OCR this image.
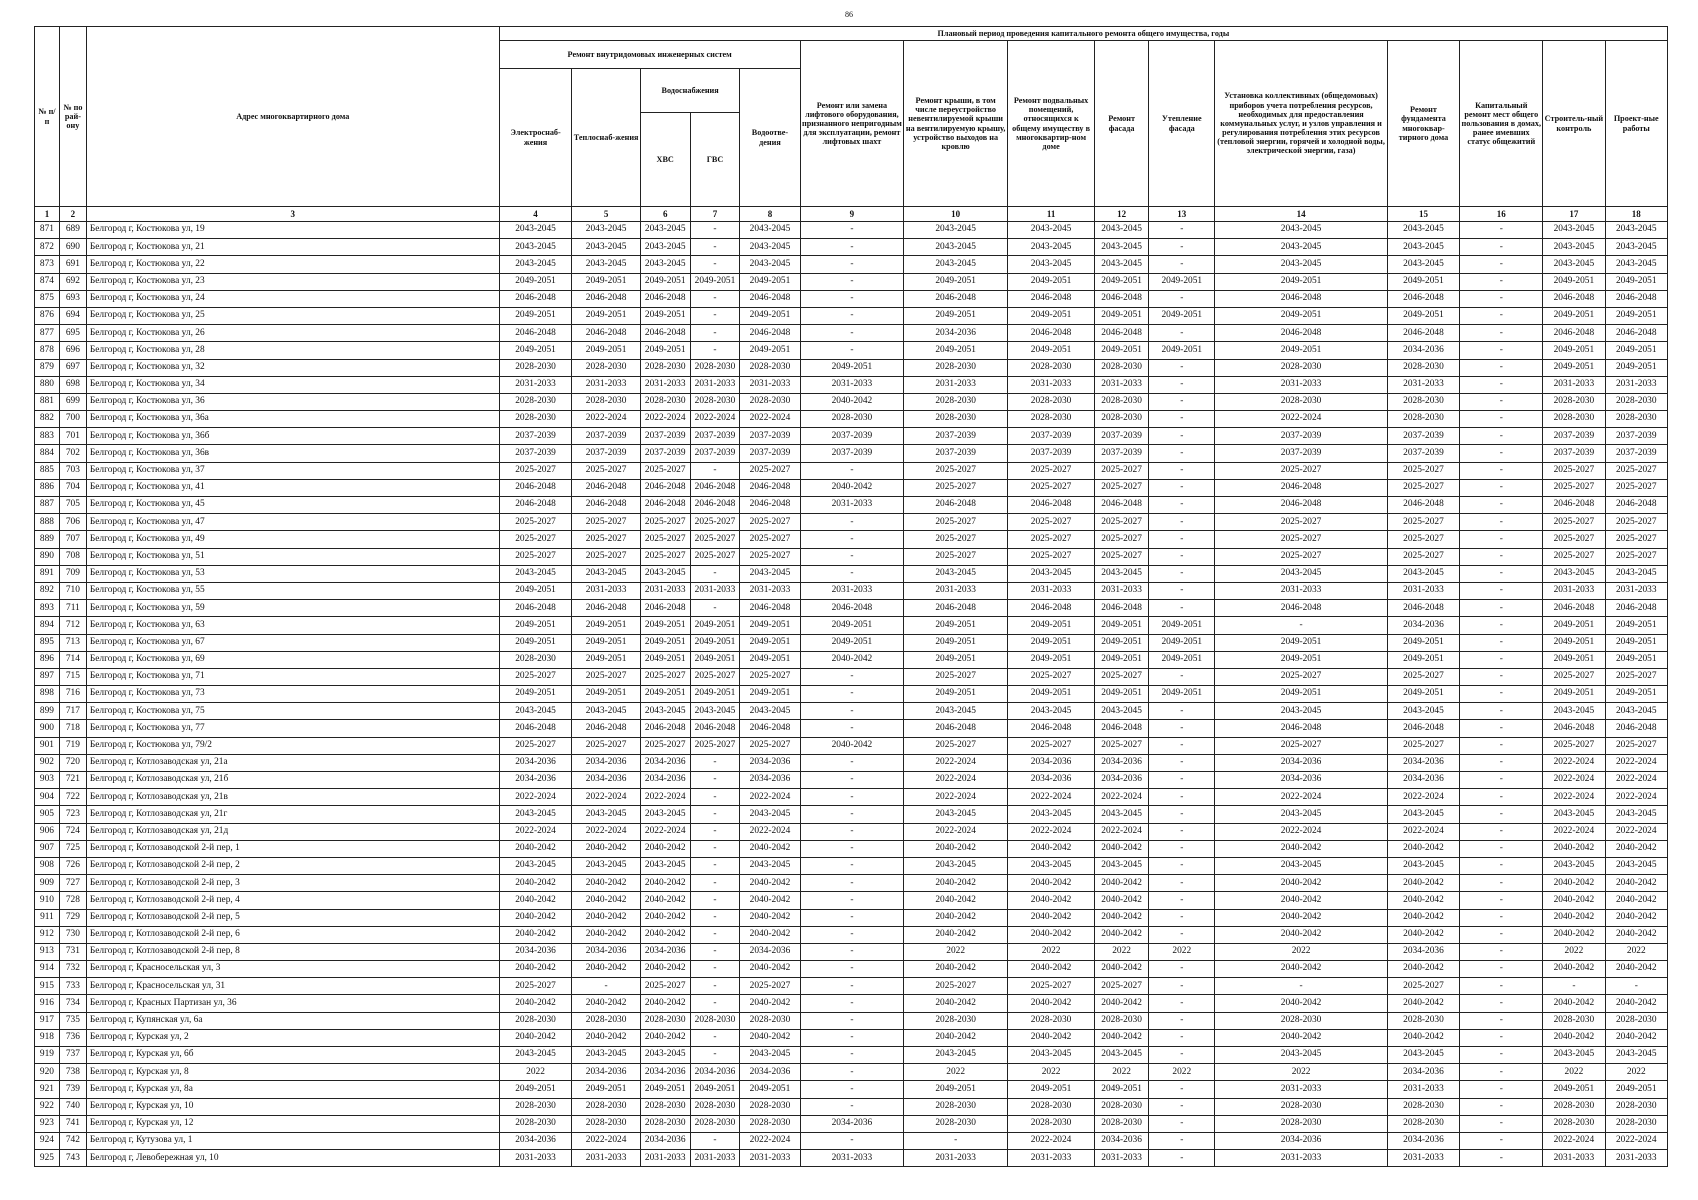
86
№ п/п	№ по рай-ону	Адрес многоквартирного дома	Плановый период проведения капитального ремонта общего имущества, годы														
			Ремонт внутридомовых инженерных систем					Ремонт или замена лифтового оборудования, признанного непригодным для эксплуатации, ремонт лифтовых шахт	Ремонт крыши, в том числе переустройство невентилируемой крыши на вентилируемую крышу, устройство выходов на кровлю	Ремонт подвальных помещений, относящихся к общему имуществу в многоквартир-ном доме	Ремонт фасада	Утепление фасада	Установка коллективных (общедомовых) приборов учета потребления ресурсов, необходимых для предоставления коммунальных услуг, и узлов управления и регулирования потребления этих ресурсов (тепловой энергии, горячей и холодной воды, электрической энергии, газа)	Ремонт фундамента многоквар-тирного дома	Капитальный ремонт мест общего пользования в домах, ранее имевших статус общежитий	Строитель-ный контроль	Проект-ные работы
			Электроснаб-жения	Теплоснаб-жения	Водоснабжения		Водоотве-дения										
					ХВС	ГВС											
1	2	3	4	5	6	7	8	9	10	11	12	13	14	15	16	17	18
871	689	Белгород г, Костюкова ул, 19	2043-2045	2043-2045	2043-2045	-	2043-2045	-	2043-2045	2043-2045	2043-2045	-	2043-2045	2043-2045	-	2043-2045	2043-2045
872	690	Белгород г, Костюкова ул, 21	2043-2045	2043-2045	2043-2045	-	2043-2045	-	2043-2045	2043-2045	2043-2045	-	2043-2045	2043-2045	-	2043-2045	2043-2045
873	691	Белгород г, Костюкова ул, 22	2043-2045	2043-2045	2043-2045	-	2043-2045	-	2043-2045	2043-2045	2043-2045	-	2043-2045	2043-2045	-	2043-2045	2043-2045
874	692	Белгород г, Костюкова ул, 23	2049-2051	2049-2051	2049-2051	2049-2051	2049-2051	-	2049-2051	2049-2051	2049-2051	2049-2051	2049-2051	2049-2051	-	2049-2051	2049-2051
875	693	Белгород г, Костюкова ул, 24	2046-2048	2046-2048	2046-2048	-	2046-2048	-	2046-2048	2046-2048	2046-2048	-	2046-2048	2046-2048	-	2046-2048	2046-2048
876	694	Белгород г, Костюкова ул, 25	2049-2051	2049-2051	2049-2051	-	2049-2051	-	2049-2051	2049-2051	2049-2051	2049-2051	2049-2051	2049-2051	-	2049-2051	2049-2051
877	695	Белгород г, Костюкова ул, 26	2046-2048	2046-2048	2046-2048	-	2046-2048	-	2034-2036	2046-2048	2046-2048	-	2046-2048	2046-2048	-	2046-2048	2046-2048
878	696	Белгород г, Костюкова ул, 28	2049-2051	2049-2051	2049-2051	-	2049-2051	-	2049-2051	2049-2051	2049-2051	2049-2051	2049-2051	2034-2036	-	2049-2051	2049-2051
879	697	Белгород г, Костюкова ул, 32	2028-2030	2028-2030	2028-2030	2028-2030	2028-2030	2049-2051	2028-2030	2028-2030	2028-2030	-	2028-2030	2028-2030	-	2049-2051	2049-2051
880	698	Белгород г, Костюкова ул, 34	2031-2033	2031-2033	2031-2033	2031-2033	2031-2033	2031-2033	2031-2033	2031-2033	2031-2033	-	2031-2033	2031-2033	-	2031-2033	2031-2033
881	699	Белгород г, Костюкова ул, 36	2028-2030	2028-2030	2028-2030	2028-2030	2028-2030	2040-2042	2028-2030	2028-2030	2028-2030	-	2028-2030	2028-2030	-	2028-2030	2028-2030
882	700	Белгород г, Костюкова ул, 36а	2028-2030	2022-2024	2022-2024	2022-2024	2022-2024	2028-2030	2028-2030	2028-2030	2028-2030	-	2022-2024	2028-2030	-	2028-2030	2028-2030
883	701	Белгород г, Костюкова ул, 36б	2037-2039	2037-2039	2037-2039	2037-2039	2037-2039	2037-2039	2037-2039	2037-2039	2037-2039	-	2037-2039	2037-2039	-	2037-2039	2037-2039
884	702	Белгород г, Костюкова ул, 36в	2037-2039	2037-2039	2037-2039	2037-2039	2037-2039	2037-2039	2037-2039	2037-2039	2037-2039	-	2037-2039	2037-2039	-	2037-2039	2037-2039
885	703	Белгород г, Костюкова ул, 37	2025-2027	2025-2027	2025-2027	-	2025-2027	-	2025-2027	2025-2027	2025-2027	-	2025-2027	2025-2027	-	2025-2027	2025-2027
886	704	Белгород г, Костюкова ул, 41	2046-2048	2046-2048	2046-2048	2046-2048	2046-2048	2040-2042	2025-2027	2025-2027	2025-2027	-	2046-2048	2025-2027	-	2025-2027	2025-2027
887	705	Белгород г, Костюкова ул, 45	2046-2048	2046-2048	2046-2048	2046-2048	2046-2048	2031-2033	2046-2048	2046-2048	2046-2048	-	2046-2048	2046-2048	-	2046-2048	2046-2048
888	706	Белгород г, Костюкова ул, 47	2025-2027	2025-2027	2025-2027	2025-2027	2025-2027	-	2025-2027	2025-2027	2025-2027	-	2025-2027	2025-2027	-	2025-2027	2025-2027
889	707	Белгород г, Костюкова ул, 49	2025-2027	2025-2027	2025-2027	2025-2027	2025-2027	-	2025-2027	2025-2027	2025-2027	-	2025-2027	2025-2027	-	2025-2027	2025-2027
890	708	Белгород г, Костюкова ул, 51	2025-2027	2025-2027	2025-2027	2025-2027	2025-2027	-	2025-2027	2025-2027	2025-2027	-	2025-2027	2025-2027	-	2025-2027	2025-2027
891	709	Белгород г, Костюкова ул, 53	2043-2045	2043-2045	2043-2045	-	2043-2045	-	2043-2045	2043-2045	2043-2045	-	2043-2045	2043-2045	-	2043-2045	2043-2045
892	710	Белгород г, Костюкова ул, 55	2049-2051	2031-2033	2031-2033	2031-2033	2031-2033	2031-2033	2031-2033	2031-2033	2031-2033	-	2031-2033	2031-2033	-	2031-2033	2031-2033
893	711	Белгород г, Костюкова ул, 59	2046-2048	2046-2048	2046-2048	-	2046-2048	2046-2048	2046-2048	2046-2048	2046-2048	-	2046-2048	2046-2048	-	2046-2048	2046-2048
894	712	Белгород г, Костюкова ул, 63	2049-2051	2049-2051	2049-2051	2049-2051	2049-2051	2049-2051	2049-2051	2049-2051	2049-2051	2049-2051	-	2034-2036	-	2049-2051	2049-2051
895	713	Белгород г, Костюкова ул, 67	2049-2051	2049-2051	2049-2051	2049-2051	2049-2051	2049-2051	2049-2051	2049-2051	2049-2051	2049-2051	2049-2051	2049-2051	-	2049-2051	2049-2051
896	714	Белгород г, Костюкова ул, 69	2028-2030	2049-2051	2049-2051	2049-2051	2049-2051	2040-2042	2049-2051	2049-2051	2049-2051	2049-2051	2049-2051	2049-2051	-	2049-2051	2049-2051
897	715	Белгород г, Костюкова ул, 71	2025-2027	2025-2027	2025-2027	2025-2027	2025-2027	-	2025-2027	2025-2027	2025-2027	-	2025-2027	2025-2027	-	2025-2027	2025-2027
898	716	Белгород г, Костюкова ул, 73	2049-2051	2049-2051	2049-2051	2049-2051	2049-2051	-	2049-2051	2049-2051	2049-2051	2049-2051	2049-2051	2049-2051	-	2049-2051	2049-2051
899	717	Белгород г, Костюкова ул, 75	2043-2045	2043-2045	2043-2045	2043-2045	2043-2045	-	2043-2045	2043-2045	2043-2045	-	2043-2045	2043-2045	-	2043-2045	2043-2045
900	718	Белгород г, Костюкова ул, 77	2046-2048	2046-2048	2046-2048	2046-2048	2046-2048	-	2046-2048	2046-2048	2046-2048	-	2046-2048	2046-2048	-	2046-2048	2046-2048
901	719	Белгород г, Костюкова ул, 79/2	2025-2027	2025-2027	2025-2027	2025-2027	2025-2027	2040-2042	2025-2027	2025-2027	2025-2027	-	2025-2027	2025-2027	-	2025-2027	2025-2027
902	720	Белгород г, Котлозаводская ул, 21а	2034-2036	2034-2036	2034-2036	-	2034-2036	-	2022-2024	2034-2036	2034-2036	-	2034-2036	2034-2036	-	2022-2024	2022-2024
903	721	Белгород г, Котлозаводская ул, 21б	2034-2036	2034-2036	2034-2036	-	2034-2036	-	2022-2024	2034-2036	2034-2036	-	2034-2036	2034-2036	-	2022-2024	2022-2024
904	722	Белгород г, Котлозаводская ул, 21в	2022-2024	2022-2024	2022-2024	-	2022-2024	-	2022-2024	2022-2024	2022-2024	-	2022-2024	2022-2024	-	2022-2024	2022-2024
905	723	Белгород г, Котлозаводская ул, 21г	2043-2045	2043-2045	2043-2045	-	2043-2045	-	2043-2045	2043-2045	2043-2045	-	2043-2045	2043-2045	-	2043-2045	2043-2045
906	724	Белгород г, Котлозаводская ул, 21д	2022-2024	2022-2024	2022-2024	-	2022-2024	-	2022-2024	2022-2024	2022-2024	-	2022-2024	2022-2024	-	2022-2024	2022-2024
907	725	Белгород г, Котлозаводской 2-й пер, 1	2040-2042	2040-2042	2040-2042	-	2040-2042	-	2040-2042	2040-2042	2040-2042	-	2040-2042	2040-2042	-	2040-2042	2040-2042
908	726	Белгород г, Котлозаводской 2-й пер, 2	2043-2045	2043-2045	2043-2045	-	2043-2045	-	2043-2045	2043-2045	2043-2045	-	2043-2045	2043-2045	-	2043-2045	2043-2045
909	727	Белгород г, Котлозаводской 2-й пер, 3	2040-2042	2040-2042	2040-2042	-	2040-2042	-	2040-2042	2040-2042	2040-2042	-	2040-2042	2040-2042	-	2040-2042	2040-2042
910	728	Белгород г, Котлозаводской 2-й пер, 4	2040-2042	2040-2042	2040-2042	-	2040-2042	-	2040-2042	2040-2042	2040-2042	-	2040-2042	2040-2042	-	2040-2042	2040-2042
911	729	Белгород г, Котлозаводской 2-й пер, 5	2040-2042	2040-2042	2040-2042	-	2040-2042	-	2040-2042	2040-2042	2040-2042	-	2040-2042	2040-2042	-	2040-2042	2040-2042
912	730	Белгород г, Котлозаводской 2-й пер, 6	2040-2042	2040-2042	2040-2042	-	2040-2042	-	2040-2042	2040-2042	2040-2042	-	2040-2042	2040-2042	-	2040-2042	2040-2042
913	731	Белгород г, Котлозаводской 2-й пер, 8	2034-2036	2034-2036	2034-2036	-	2034-2036	-	2022	2022	2022	2022	2022	2034-2036	-	2022	2022
914	732	Белгород г, Красносельская ул, 3	2040-2042	2040-2042	2040-2042	-	2040-2042	-	2040-2042	2040-2042	2040-2042	-	2040-2042	2040-2042	-	2040-2042	2040-2042
915	733	Белгород г, Красносельская ул, 31	2025-2027	-	2025-2027	-	2025-2027	-	2025-2027	2025-2027	2025-2027	-	-	2025-2027	-	-	-
916	734	Белгород г, Красных Партизан ул, 36	2040-2042	2040-2042	2040-2042	-	2040-2042	-	2040-2042	2040-2042	2040-2042	-	2040-2042	2040-2042	-	2040-2042	2040-2042
917	735	Белгород г, Купянская ул, 6а	2028-2030	2028-2030	2028-2030	2028-2030	2028-2030	-	2028-2030	2028-2030	2028-2030	-	2028-2030	2028-2030	-	2028-2030	2028-2030
918	736	Белгород г, Курская ул, 2	2040-2042	2040-2042	2040-2042	-	2040-2042	-	2040-2042	2040-2042	2040-2042	-	2040-2042	2040-2042	-	2040-2042	2040-2042
919	737	Белгород г, Курская ул, 6б	2043-2045	2043-2045	2043-2045	-	2043-2045	-	2043-2045	2043-2045	2043-2045	-	2043-2045	2043-2045	-	2043-2045	2043-2045
920	738	Белгород г, Курская ул, 8	2022	2034-2036	2034-2036	2034-2036	2034-2036	-	2022	2022	2022	2022	2022	2034-2036	-	2022	2022
921	739	Белгород г, Курская ул, 8а	2049-2051	2049-2051	2049-2051	2049-2051	2049-2051	-	2049-2051	2049-2051	2049-2051	-	2031-2033	2031-2033	-	2049-2051	2049-2051
922	740	Белгород г, Курская ул, 10	2028-2030	2028-2030	2028-2030	2028-2030	2028-2030	-	2028-2030	2028-2030	2028-2030	-	2028-2030	2028-2030	-	2028-2030	2028-2030
923	741	Белгород г, Курская ул, 12	2028-2030	2028-2030	2028-2030	2028-2030	2028-2030	2034-2036	2028-2030	2028-2030	2028-2030	-	2028-2030	2028-2030	-	2028-2030	2028-2030
924	742	Белгород г, Кутузова ул, 1	2034-2036	2022-2024	2034-2036	-	2022-2024	-	-	2022-2024	2034-2036	-	2034-2036	2034-2036	-	2022-2024	2022-2024
925	743	Белгород г, Левобережная ул, 10	2031-2033	2031-2033	2031-2033	2031-2033	2031-2033	2031-2033	2031-2033	2031-2033	2031-2033	-	2031-2033	2031-2033	-	2031-2033	2031-2033
